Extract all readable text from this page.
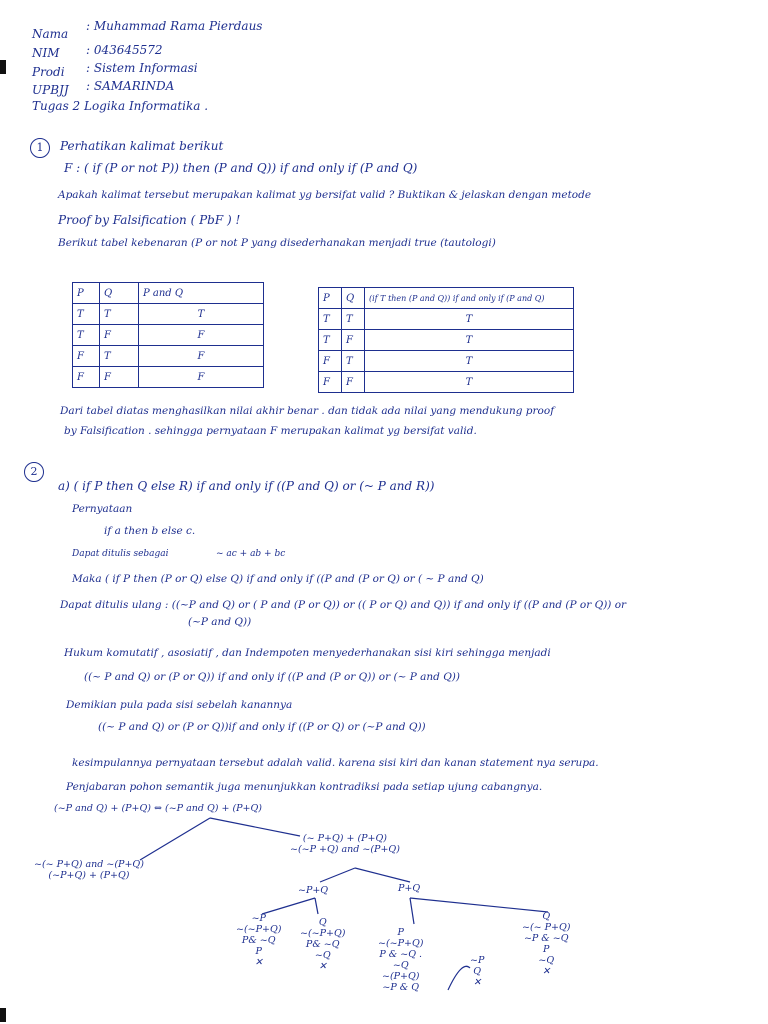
Nama
: Muhammad Rama Pierdaus
NIM : 043645572
Prodi : Sistem Informasi
UPBJJ : SAMARINDA
Tugas 2 Logika Informatika .
1	Perhatikan kalimat berikut
F : ( if (P or not P)) then (P and Q)) if and only if (P and Q)
Apakah kalimat tersebut merupakan kalimat yg bersifat valid ? Buktikan & jelaskan dengan metode
Proof by Falsification ( PbF ) !
Berikut tabel kebenaran (P or not P yang disederhanakan menjadi true (tautologi)
P	Q	P and Q
T	T	T
T	F	F
F	T	F
F	F	F
P	Q	(if T then (P and Q)) if and only if (P and Q)
T	T	T
T	F	T
F	T	T
F	F	T
Dari tabel diatas menghasilkan nilai akhir benar . dan tidak ada nilai yang mendukung proof
by Falsification . sehingga pernyataan F merupakan kalimat yg bersifat valid.
2
a) ( if P then Q else R) if and only if ((P and Q) or (~ P and R))
Pernyataan
if a then b else c.
Dapat ditulis sebagai	~ ac + ab + bc
Maka ( if P then (P or Q) else Q) if and only if ((P and (P or Q) or ( ~ P and Q)
Dapat ditulis ulang : ((~P and Q) or ( P and (P or Q)) or (( P or Q) and Q)) if and only if ((P and (P or Q)) or
(~P and Q))
Hukum komutatif , asosiatif , dan Indempoten menyederhanakan sisi kiri sehingga menjadi
((~ P and Q) or (P or Q)) if and only if ((P and (P or Q)) or (~ P and Q))
Demikian pula pada sisi sebelah kanannya
((~ P and Q) or (P or Q))if and only if ((P or Q) or (~P and Q))
kesimpulannya pernyataan tersebut adalah valid. karena sisi kiri dan kanan statement nya serupa.
Penjabaran pohon semantik juga menunjukkan kontradiksi pada setiap ujung cabangnya.
(~P and Q) + (P+Q) ⇔ (~P and Q) + (P+Q)
(~ P+Q) + (P+Q)
~(~P +Q) and ~(P+Q)
~(~ P+Q) and ~(P+Q)
(~P+Q) + (P+Q)
~P+Q	P+Q
~P
~(~P+Q)
P& ~Q
P
✕
Q
~(~P+Q)
P& ~Q
~Q
✕
P
~(~P+Q)
P & ~Q .
~Q
~(P+Q)
~P & Q
~P
Q
✕
Q
~(~ P+Q)
~P & ~Q
P
~Q
✕
